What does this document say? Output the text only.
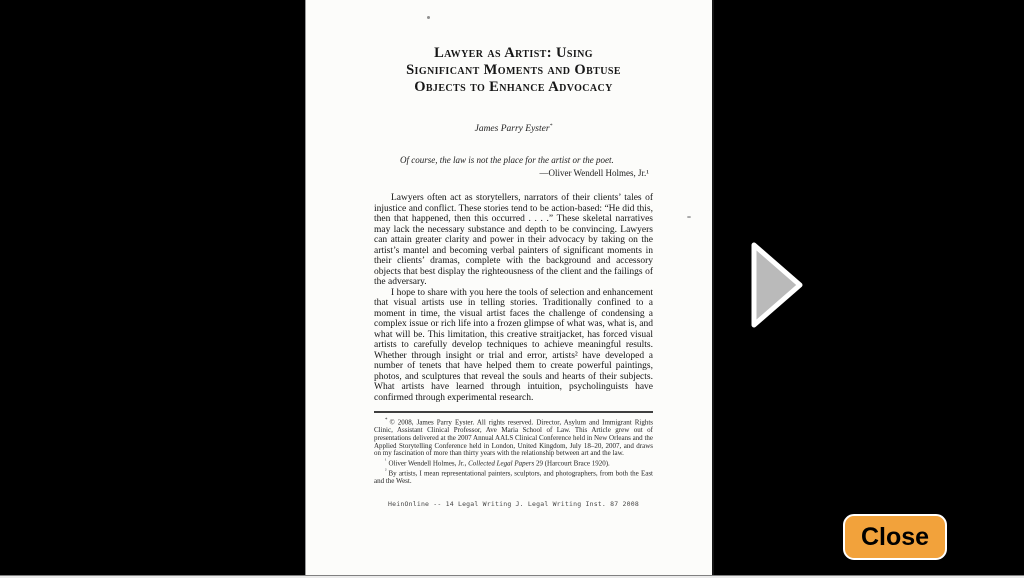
Lawyer as Artist: Using
Significant Moments and Obtuse
Objects to Enhance Advocacy
James Parry Eyster*
Of course, the law is not the place for the artist or the poet.
—Oliver Wendell Holmes, Jr.¹

Lawyers often act as storytellers, narrators of their clients’ tales of injustice and conflict. These stories tend to be action-based: “He did this, then that happened, then this occurred . . . .” These skeletal narratives may lack the necessary substance and depth to be convincing. Lawyers can attain greater clarity and power in their advocacy by taking on the artist’s mantel and becoming verbal painters of significant moments in their clients’ dramas, complete with the background and accessory objects that best display the righteousness of the client and the failings of the adversary.

I hope to share with you here the tools of selection and enhancement that visual artists use in telling stories. Traditionally confined to a moment in time, the visual artist faces the challenge of condensing a complex issue or rich life into a frozen glimpse of what was, what is, and what will be. This limitation, this creative straitjacket, has forced visual artists to carefully develop techniques to achieve meaningful results. Whether through insight or trial and error, artists² have developed a number of tenets that have helped them to create powerful paintings, photos, and sculptures that reveal the souls and hearts of their subjects. What artists have learned through intuition, psycholinguists have confirmed through experimental research.

* © 2008, James Parry Eyster. All rights reserved. Director, Asylum and Immigrant Rights Clinic, Assistant Clinical Professor, Ave Maria School of Law. This Article grew out of presentations delivered at the 2007 Annual AALS Clinical Conference held in New Orleans and the Applied Storytelling Conference held in London, United Kingdom, July 18–20, 2007, and draws on my fascination of more than thirty years with the relationship between art and the law.

$^{^1}$ Oliver Wendell Holmes, Jr., Collected Legal Papers 29 (Harcourt Brace 1920).

$^{^2}$ By artists, I mean representational painters, sculptors, and photographers, from both the East and the West.

HeinOnline -- 14 Legal Writing J. Legal Writing Inst. 87 2008
Close
